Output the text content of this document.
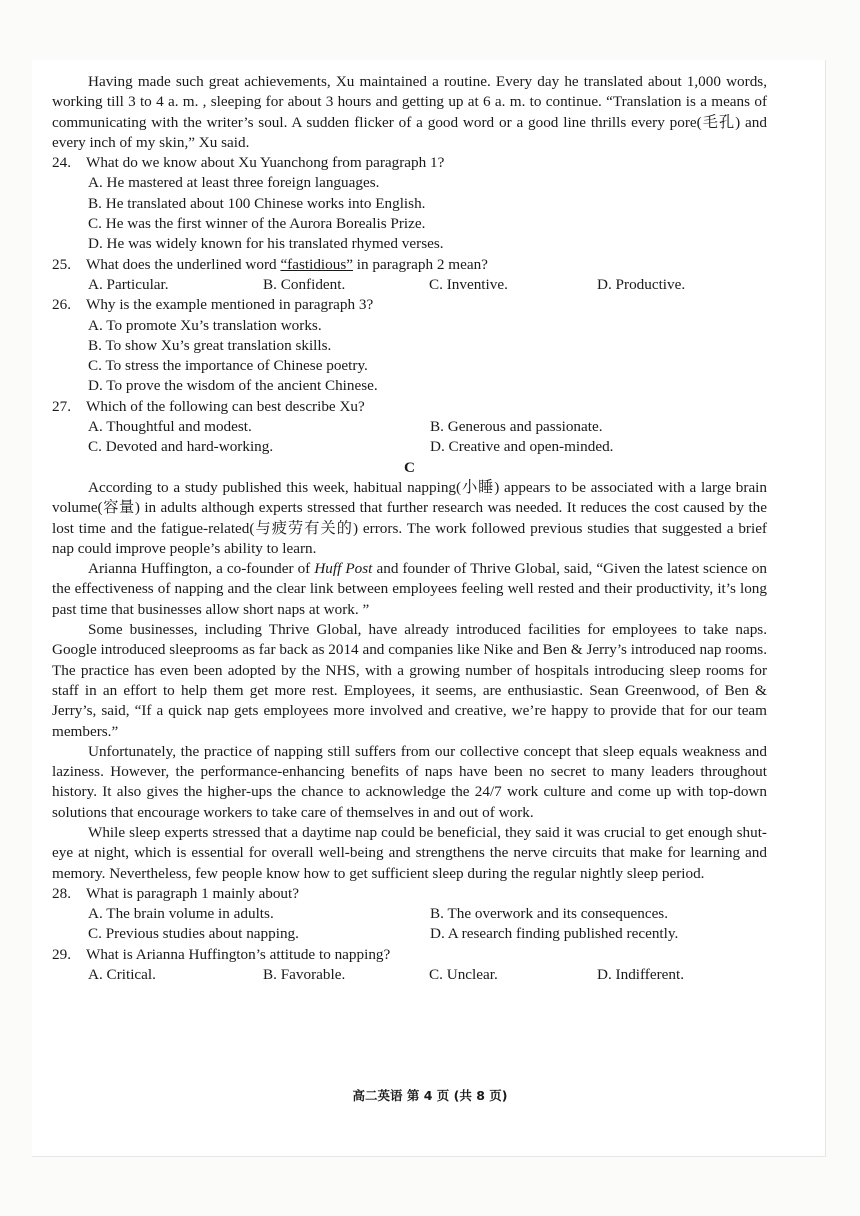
Having made such great achievements, Xu maintained a routine. Every day he translated about 1,000 words, working till 3 to 4 a. m. , sleeping for about 3 hours and getting up at 6 a. m. to continue. “Translation is a means of communicating with the writer’s soul. A sudden flicker of a good word or a good line thrills every pore(毛孔) and every inch of my skin,” Xu said.

24. What do we know about Xu Yuanchong from paragraph 1?

A. He mastered at least three foreign languages.

B. He translated about 100 Chinese works into English.

C. He was the first winner of the Aurora Borealis Prize.

D. He was widely known for his translated rhymed verses.

25. What does the underlined word “fastidious” in paragraph 2 mean?

A. Particular.	B. Confident.	C. Inventive.	D. Productive.

26. Why is the example mentioned in paragraph 3?

A. To promote Xu’s translation works.

B. To show Xu’s great translation skills.

C. To stress the importance of Chinese poetry.

D. To prove the wisdom of the ancient Chinese.

27. Which of the following can best describe Xu?

A. Thoughtful and modest.	B. Generous and passionate.
C. Devoted and hard-working.	D. Creative and open-minded.

C

According to a study published this week, habitual napping(小睡) appears to be associated with a large brain volume(容量) in adults although experts stressed that further research was needed. It reduces the cost caused by the lost time and the fatigue-related(与疲劳有关的) errors. The work followed previous studies that suggested a brief nap could improve people’s ability to learn.

Arianna Huffington, a co-founder of Huff Post and founder of Thrive Global, said, “Given the latest science on the effectiveness of napping and the clear link between employees feeling well rested and their productivity, it’s long past time that businesses allow short naps at work. ”

Some businesses, including Thrive Global, have already introduced facilities for employees to take naps. Google introduced sleeprooms as far back as 2014 and companies like Nike and Ben & Jerry’s introduced nap rooms. The practice has even been adopted by the NHS, with a growing number of hospitals introducing sleep rooms for staff in an effort to help them get more rest. Employees, it seems, are enthusiastic. Sean Greenwood, of Ben & Jerry’s, said, “If a quick nap gets employees more involved and creative, we’re happy to provide that for our team members.”

Unfortunately, the practice of napping still suffers from our collective concept that sleep equals weakness and laziness. However, the performance-enhancing benefits of naps have been no secret to many leaders throughout history. It also gives the higher-ups the chance to acknowledge the 24/7 work culture and come up with top-down solutions that encourage workers to take care of themselves in and out of work.

While sleep experts stressed that a daytime nap could be beneficial, they said it was crucial to get enough shut-eye at night, which is essential for overall well-being and strengthens the nerve circuits that make for learning and memory. Nevertheless, few people know how to get sufficient sleep during the regular nightly sleep period.

28. What is paragraph 1 mainly about?

A. The brain volume in adults.	B. The overwork and its consequences.
C. Previous studies about napping.	D. A research finding published recently.

29. What is Arianna Huffington’s attitude to napping?

A. Critical.	B. Favorable.	C. Unclear.	D. Indifferent.
高二英语 第 4 页 (共 8 页)
